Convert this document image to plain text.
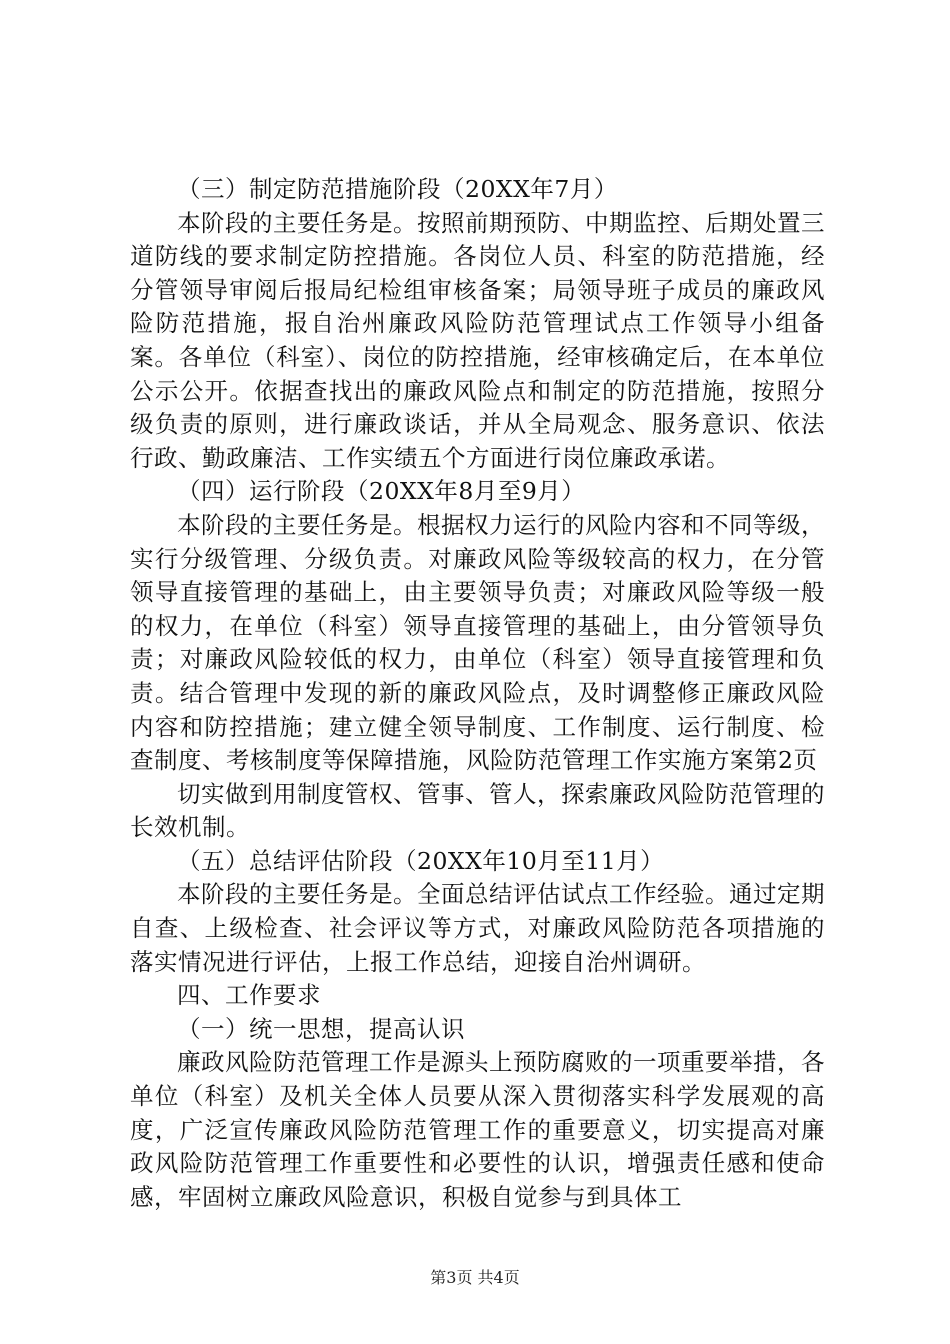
（三）制定防范措施阶段（20XX年7月）

本阶段的主要任务是。按照前期预防、中期监控、后期处置三道防线的要求制定防控措施。各岗位人员、科室的防范措施，经分管领导审阅后报局纪检组审核备案；局领导班子成员的廉政风险防范措施，报自治州廉政风险防范管理试点工作领导小组备案。各单位（科室）、岗位的防控措施，经审核确定后，在本单位公示公开。依据查找出的廉政风险点和制定的防范措施，按照分级负责的原则，进行廉政谈话，并从全局观念、服务意识、依法行政、勤政廉洁、工作实绩五个方面进行岗位廉政承诺。

（四）运行阶段（20XX年8月至9月）

本阶段的主要任务是。根据权力运行的风险内容和不同等级，实行分级管理、分级负责。对廉政风险等级较高的权力，在分管领导直接管理的基础上，由主要领导负责；对廉政风险等级一般的权力，在单位（科室）领导直接管理的基础上，由分管领导负责；对廉政风险较低的权力，由单位（科室）领导直接管理和负责。结合管理中发现的新的廉政风险点，及时调整修正廉政风险内容和防控措施；建立健全领导制度、工作制度、运行制度、检查制度、考核制度等保障措施，风险防范管理工作实施方案第2页

切实做到用制度管权、管事、管人，探索廉政风险防范管理的长效机制。

（五）总结评估阶段（20XX年10月至11月）

本阶段的主要任务是。全面总结评估试点工作经验。通过定期自查、上级检查、社会评议等方式，对廉政风险防范各项措施的落实情况进行评估，上报工作总结，迎接自治州调研。

四、工作要求

（一）统一思想，提高认识

廉政风险防范管理工作是源头上预防腐败的一项重要举措，各单位（科室）及机关全体人员要从深入贯彻落实科学发展观的高度，广泛宣传廉政风险防范管理工作的重要意义，切实提高对廉政风险防范管理工作重要性和必要性的认识，增强责任感和使命感，牢固树立廉政风险意识，积极自觉参与到具体工

第3页 共4页
